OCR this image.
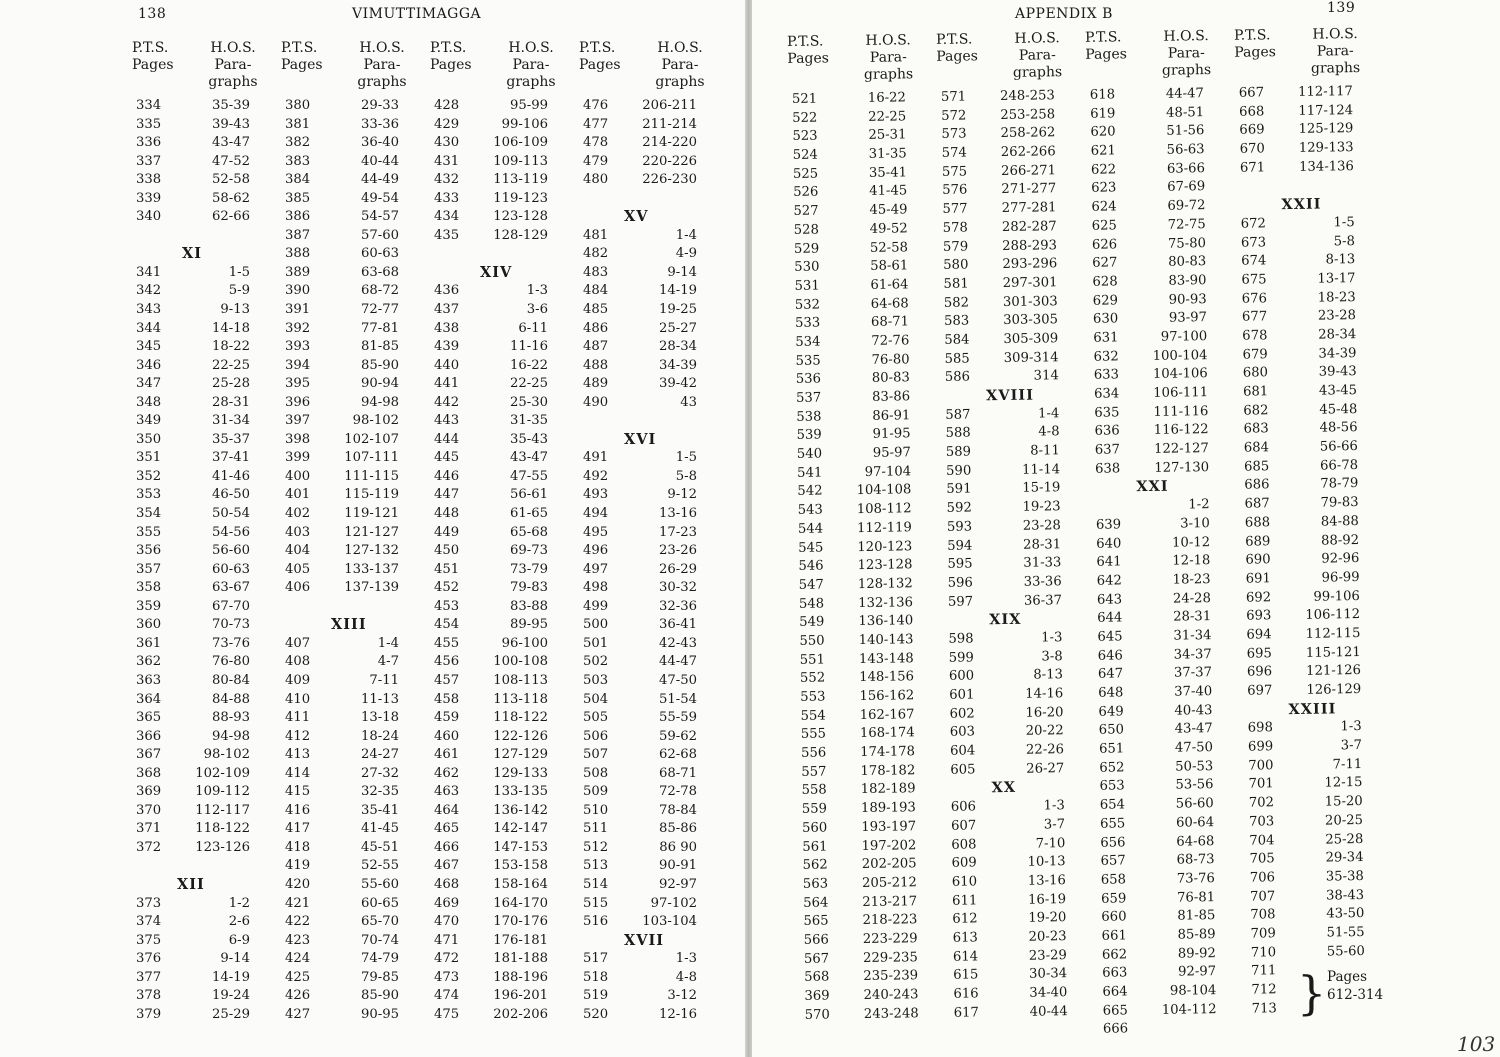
138	VIMUTTIMAGGA
P.T.S.
Pages
H.O.S.
Para-
graphs
334	35-39
335	39-43
336	43-47
337	47-52
338	52-58
339	58-62
340	62-66
XI
341	1-5
342	5-9
343	9-13
344	14-18
345	18-22
346	22-25
347	25-28
348	28-31
349	31-34
350	35-37
351	37-41
352	41-46
353	46-50
354	50-54
355	54-56
356	56-60
357	60-63
358	63-67
359	67-70
360	70-73
361	73-76
362	76-80
363	80-84
364	84-88
365	88-93
366	94-98
367	98-102
368	102-109
369	109-112
370	112-117
371	118-122
372	123-126
XII
373	1-2
374	2-6
375	6-9
376	9-14
377	14-19
378	19-24
379	25-29
P.T.S.
Pages
H.O.S.
Para-
graphs
380	29-33
381	33-36
382	36-40
383	40-44
384	44-49
385	49-54
386	54-57
387	57-60
388	60-63
389	63-68
390	68-72
391	72-77
392	77-81
393	81-85
394	85-90
395	90-94
396	94-98
397	98-102
398	102-107
399	107-111
400	111-115
401	115-119
402	119-121
403	121-127
404	127-132
405	133-137
406	137-139
XIII
407	1-4
408	4-7
409	7-11
410	11-13
411	13-18
412	18-24
413	24-27
414	27-32
415	32-35
416	35-41
417	41-45
418	45-51
419	52-55
420	55-60
421	60-65
422	65-70
423	70-74
424	74-79
425	79-85
426	85-90
427	90-95
P.T.S.
Pages
H.O.S.
Para-
graphs
428	95-99
429	99-106
430	106-109
431	109-113
432	113-119
433	119-123
434	123-128
435	128-129
XIV
436	1-3
437	3-6
438	6-11
439	11-16
440	16-22
441	22-25
442	25-30
443	31-35
444	35-43
445	43-47
446	47-55
447	56-61
448	61-65
449	65-68
450	69-73
451	73-79
452	79-83
453	83-88
454	89-95
455	96-100
456	100-108
457	108-113
458	113-118
459	118-122
460	122-126
461	127-129
462	129-133
463	133-135
464	136-142
465	142-147
466	147-153
467	153-158
468	158-164
469	164-170
470	170-176
471	176-181
472	181-188
473	188-196
474	196-201
475	202-206
P.T.S.
Pages
H.O.S.
Para-
graphs
476	206-211
477	211-214
478	214-220
479	220-226
480	226-230
XV
481	1-4
482	4-9
483	9-14
484	14-19
485	19-25
486	25-27
487	28-34
488	34-39
489	39-42
490	43
XVI
491	1-5
492	5-8
493	9-12
494	13-16
495	17-23
496	23-26
497	26-29
498	30-32
499	32-36
500	36-41
501	42-43
502	44-47
503	47-50
504	51-54
505	55-59
506	59-62
507	62-68
508	68-71
509	72-78
510	78-84
511	85-86
512	86 90
513	90-91
514	92-97
515	97-102
516	103-104
XVII
517	1-3
518	4-8
519	3-12
520	12-16
APPENDIX B	139
P.T.S.
Pages
H.O.S.
Para-
graphs
521	16-22
522	22-25
523	25-31
524	31-35
525	35-41
526	41-45
527	45-49
528	49-52
529	52-58
530	58-61
531	61-64
532	64-68
533	68-71
534	72-76
535	76-80
536	80-83
537	83-86
538	86-91
539	91-95
540	95-97
541	97-104
542	104-108
543	108-112
544	112-119
545	120-123
546	123-128
547	128-132
548	132-136
549	136-140
550	140-143
551	143-148
552	148-156
553	156-162
554	162-167
555	168-174
556	174-178
557	178-182
558	182-189
559	189-193
560	193-197
561	197-202
562	202-205
563	205-212
564	213-217
565	218-223
566	223-229
567	229-235
568	235-239
369	240-243
570	243-248
P.T.S.
Pages
H.O.S.
Para-
graphs
571	248-253
572	253-258
573	258-262
574	262-266
575	266-271
576	271-277
577	277-281
578	282-287
579	288-293
580	293-296
581	297-301
582	301-303
583	303-305
584	305-309
585	309-314
586	314
XVIII
587	1-4
588	4-8
589	8-11
590	11-14
591	15-19
592	19-23
593	23-28
594	28-31
595	31-33
596	33-36
597	36-37
XIX
598	1-3
599	3-8
600	8-13
601	14-16
602	16-20
603	20-22
604	22-26
605	26-27
XX
606	1-3
607	3-7
608	7-10
609	10-13
610	13-16
611	16-19
612	19-20
613	20-23
614	23-29
615	30-34
616	34-40
617	40-44
P.T.S.
Pages
H.O.S.
Para-
graphs
618	44-47
619	48-51
620	51-56
621	56-63
622	63-66
623	67-69
624	69-72
625	72-75
626	75-80
627	80-83
628	83-90
629	90-93
630	93-97
631	97-100
632	100-104
633	104-106
634	106-111
635	111-116
636	116-122
637	122-127
638	127-130
XXI
1-2
639	3-10
640	10-12
641	12-18
642	18-23
643	24-28
644	28-31
645	31-34
646	34-37
647	37-37
648	37-40
649	40-43
650	43-47
651	47-50
652	50-53
653	53-56
654	56-60
655	60-64
656	64-68
657	68-73
658	73-76
659	76-81
660	81-85
661	85-89
662	89-92
663	92-97
664	98-104
665	104-112
666
P.T.S.
Pages
H.O.S.
Para-
graphs
667	112-117
668	117-124
669	125-129
670	129-133
671	134-136
XXII
672	1-5
673	5-8
674	8-13
675	13-17
676	18-23
677	23-28
678	28-34
679	34-39
680	39-43
681	43-45
682	45-48
683	48-56
684	56-66
685	66-78
686	78-79
687	79-83
688	84-88
689	88-92
690	92-96
691	96-99
692	99-106
693	106-112
694	112-115
695	115-121
696	121-126
697	126-129
XXIII
698	1-3
699	3-7
700	7-11
701	12-15
702	15-20
703	20-25
704	25-28
705	29-34
706	35-38
707	38-43
708	43-50
709	51-55
710	55-60
711
712
713 } Pages
612-314
103
